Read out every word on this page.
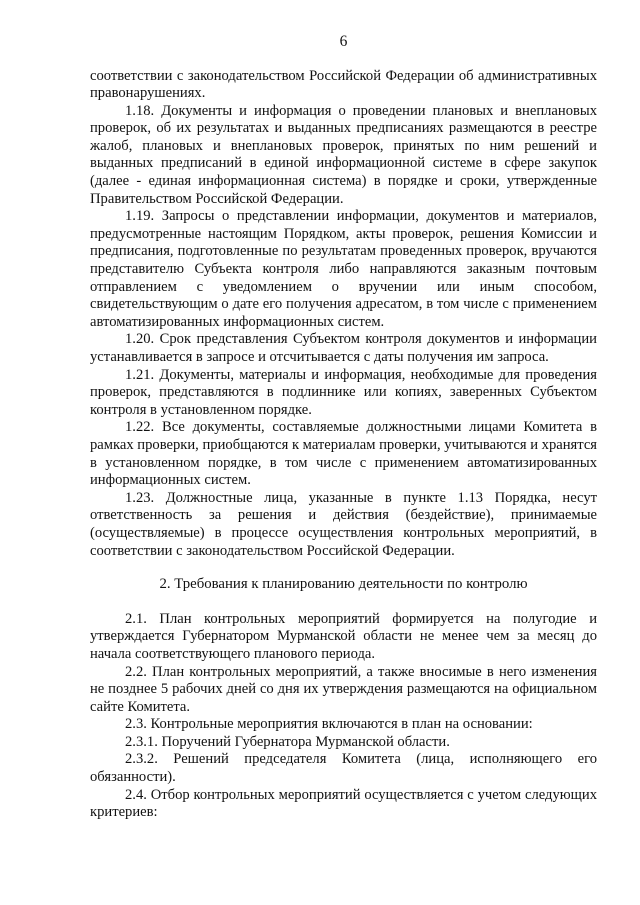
6

соответствии с законодательством Российской Федерации об административных правонарушениях.

1.18. Документы и информация о проведении плановых и внеплановых проверок, об их результатах и выданных предписаниях размещаются в реестре жалоб, плановых и внеплановых проверок, принятых по ним решений и выданных предписаний в единой информационной системе в сфере закупок (далее - единая информационная система) в порядке и сроки, утвержденные Правительством Российской Федерации.

1.19. Запросы о представлении информации, документов и материалов, предусмотренные настоящим Порядком, акты проверок, решения Комиссии и предписания, подготовленные по результатам проведенных проверок, вручаются представителю Субъекта контроля либо направляются заказным почтовым отправлением с уведомлением о вручении или иным способом, свидетельствующим о дате его получения адресатом, в том числе с применением автоматизированных информационных систем.

1.20. Срок представления Субъектом контроля документов и информации устанавливается в запросе и отсчитывается с даты получения им запроса.

1.21. Документы, материалы и информация, необходимые для проведения проверок, представляются в подлиннике или копиях, заверенных Субъектом контроля в установленном порядке.

1.22. Все документы, составляемые должностными лицами Комитета в рамках проверки, приобщаются к материалам проверки, учитываются и хранятся в установленном порядке, в том числе с применением автоматизированных информационных систем.

1.23. Должностные лица, указанные в пункте 1.13 Порядка, несут ответственность за решения и действия (бездействие), принимаемые (осуществляемые) в процессе осуществления контрольных мероприятий, в соответствии с законодательством Российской Федерации.

2. Требования к планированию деятельности по контролю

2.1. План контрольных мероприятий формируется на полугодие и утверждается Губернатором Мурманской области не менее чем за месяц до начала соответствующего планового периода.

2.2. План контрольных мероприятий, а также вносимые в него изменения не позднее 5 рабочих дней со дня их утверждения размещаются на официальном сайте Комитета.

2.3. Контрольные мероприятия включаются в план на основании:

2.3.1. Поручений Губернатора Мурманской области.

2.3.2. Решений председателя Комитета (лица, исполняющего его обязанности).

2.4. Отбор контрольных мероприятий осуществляется с учетом следующих критериев:
